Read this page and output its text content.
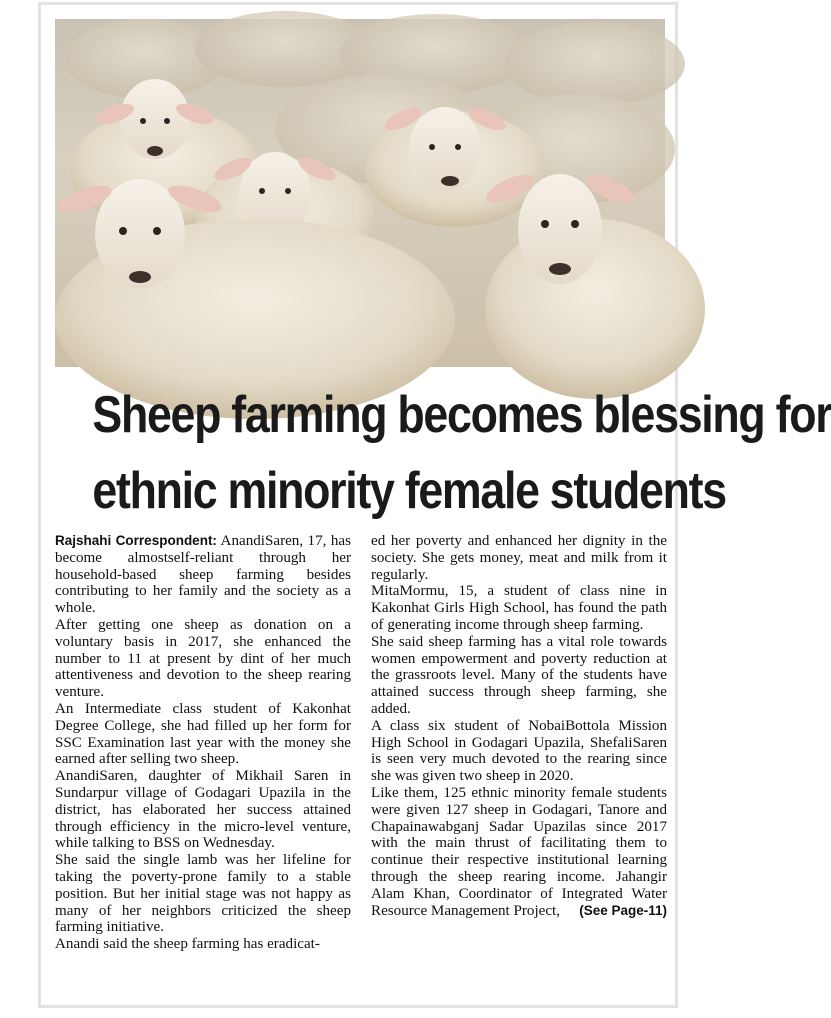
Sheep farming becomes blessing for
ethnic minority female students

Rajshahi Correspondent: AnandiSaren, 17, has become almostself-reliant through her household-based sheep farming besides contributing to her family and the society as a whole.

After getting one sheep as donation on a voluntary basis in 2017, she enhanced the number to 11 at present by dint of her much attentiveness and devotion to the sheep rearing venture.

An Intermediate class student of Kakonhat Degree College, she had filled up her form for SSC Examination last year with the money she earned after selling two sheep.

AnandiSaren, daughter of Mikhail Saren in Sundarpur village of Godagari Upazila in the district, has elaborated her success attained through efficiency in the micro-level venture, while talking to BSS on Wednesday.

She said the single lamb was her lifeline for taking the poverty-prone family to a stable position. But her initial stage was not happy as many of her neighbors criticized the sheep farming initiative.

Anandi said the sheep farming has eradicat-

ed her poverty and enhanced her dignity in the society. She gets money, meat and milk from it regularly.

MitaMormu, 15, a student of class nine in Kakonhat Girls High School, has found the path of generating income through sheep farming.

She said sheep farming has a vital role towards women empowerment and poverty reduction at the grassroots level. Many of the students have attained success through sheep farming, she added.

A class six student of NobaiBottola Mission High School in Godagari Upazila, ShefaliSaren is seen very much devoted to the rearing since she was given two sheep in 2020.

Like them, 125 ethnic minority female students were given 127 sheep in Godagari, Tanore and Chapainawabganj Sadar Upazilas since 2017 with the main thrust of facilitating them to continue their respective institutional learning through the sheep rearing income. Jahangir Alam Khan, Coordinator of Integrated Water Resource Management Project, (See Page-11)
